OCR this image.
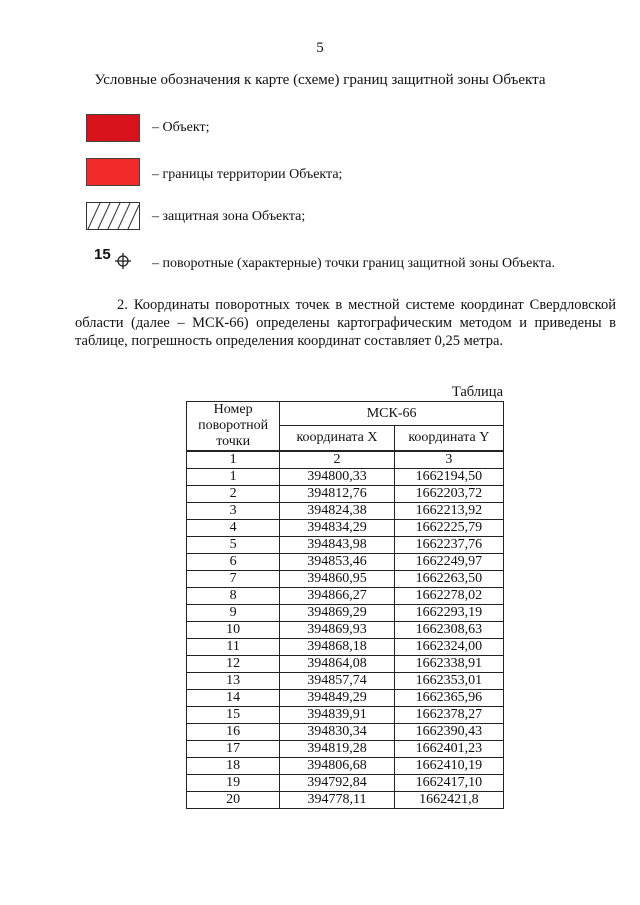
5
Условные обозначения к карте (схеме) границ защитной зоны Объекта
– Объект;
– границы территории Объекта;
– защитная зона Объекта;
15
– поворотные (характерные) точки границ защитной зоны Объекта.
2. Координаты поворотных точек в местной системе координат Свердловской области (далее – МСК-66) определены картографическим методом и приведены в таблице, погрешность определения координат составляет 0,25 метра.
Таблица
Номер поворотной точки	МСК-66	
	координата X	координата Y
1	2	3
1	394800,33	1662194,50
2	394812,76	1662203,72
3	394824,38	1662213,92
4	394834,29	1662225,79
5	394843,98	1662237,76
6	394853,46	1662249,97
7	394860,95	1662263,50
8	394866,27	1662278,02
9	394869,29	1662293,19
10	394869,93	1662308,63
11	394868,18	1662324,00
12	394864,08	1662338,91
13	394857,74	1662353,01
14	394849,29	1662365,96
15	394839,91	1662378,27
16	394830,34	1662390,43
17	394819,28	1662401,23
18	394806,68	1662410,19
19	394792,84	1662417,10
20	394778,11	1662421,8
